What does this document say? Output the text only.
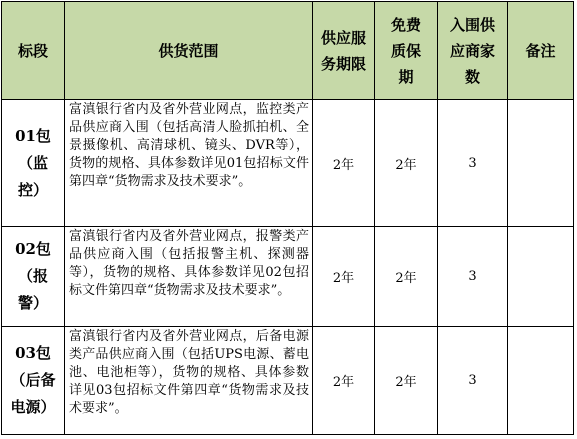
标段	供货范围	供应服务期限	免费质保期	入围供应商家数	备注
01包（监控）	富滇银行省内及省外营业网点，监控类产品供应商入围（包括高清人脸抓拍机、全景摄像机、高清球机、镜头、DVR等），货物的规格、具体参数详见01包招标文件第四章“货物需求及技术要求”。	2年	2年	3	
02包（报警）	富滇银行省内及省外营业网点，报警类产品供应商入围（包括报警主机、探测器等），货物的规格、具体参数详见02包招标文件第四章“货物需求及技术要求”。	2年	2年	3	
03包（后备电源）	富滇银行省内及省外营业网点，后备电源类产品供应商入围（包括UPS电源、蓄电池、电池柜等），货物的规格、具体参数详见03包招标文件第四章“货物需求及技术要求”。	2年	2年	3	
